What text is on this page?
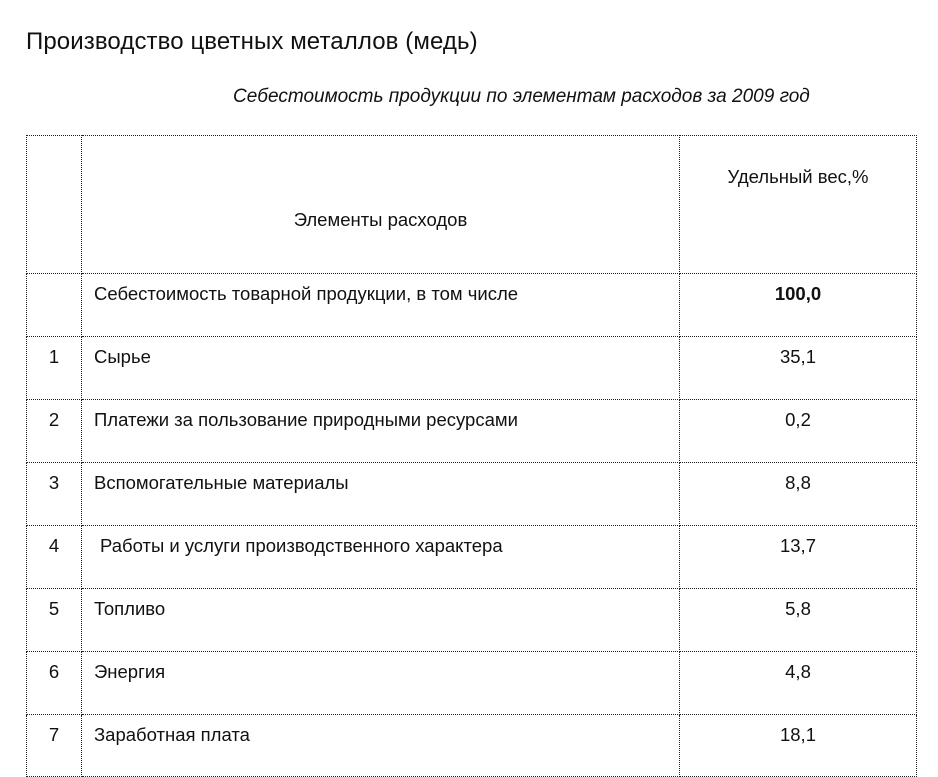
Производство цветных металлов (медь)
Себестоимость продукции по элементам расходов за 2009 год
	Элементы расходов	Удельный вес,%
	Себестоимость товарной продукции, в том числе	100,0
1	Сырье	35,1
2	Платежи за пользование природными ресурсами	0,2
3	Вспомогательные материалы	8,8
4	Работы и услуги производственного характера	13,7
5	Топливо	5,8
6	Энергия	4,8
7	Заработная плата	18,1
